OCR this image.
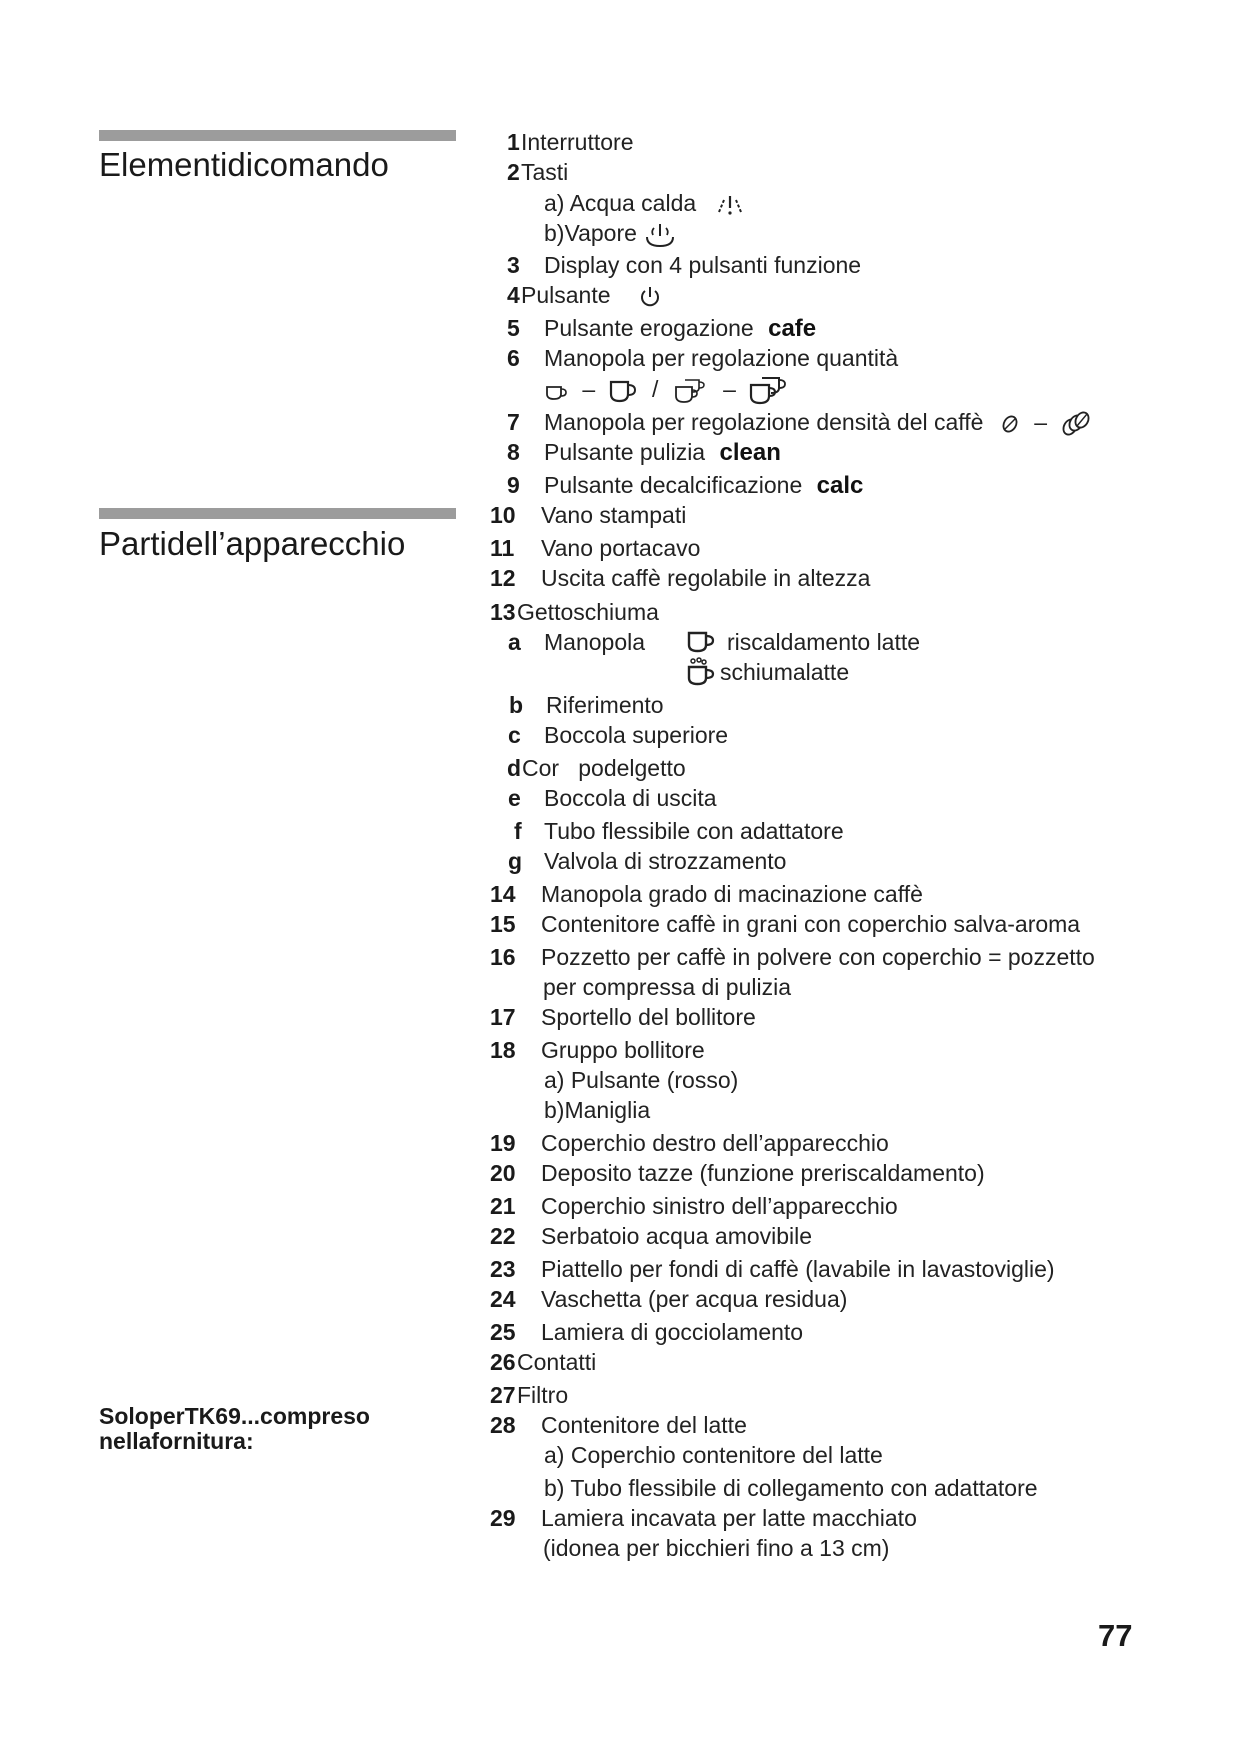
Elementidicomando
Partidell’apparecchio
SoloperTK69...compreso
nellafornitura:
1 Interruttore
2 Tasti
a) Acqua calda
b)Vapore
3 Display con 4 pulsanti funzione
4 Pulsante
5 Pulsante erogazione cafe
6 Manopola per regolazione quantità
– /	–
7 Manopola per regolazione densità del caffè –
8 Pulsante pulizia clean
9 Pulsante decalcificazione calc
10 Vano stampati
11 Vano portacavo
12 Uscita caffè regolabile in altezza
13 Gettoschiuma
a Manopola	riscaldamento latte
schiumalatte
b Riferimento
c Boccola superiore
d Cor   podelgetto
e Boccola di uscita
f Tubo flessibile con adattatore
g Valvola di strozzamento
14 Manopola grado di macinazione caffè
15 Contenitore caffè in grani con coperchio salva-aroma
16 Pozzetto per caffè in polvere con coperchio = pozzetto
per compressa di pulizia
17 Sportello del bollitore
18 Gruppo bollitore
a) Pulsante (rosso)
b)Maniglia
19 Coperchio destro dell’apparecchio
20 Deposito tazze (funzione preriscaldamento)
21 Coperchio sinistro dell’apparecchio
22 Serbatoio acqua amovibile
23 Piattello per fondi di caffè (lavabile in lavastoviglie)
24 Vaschetta (per acqua residua)
25 Lamiera di gocciolamento
26 Contatti
27 Filtro
28 Contenitore del latte
a) Coperchio contenitore del latte
b) Tubo flessibile di collegamento con adattatore
29 Lamiera incavata per latte macchiato
(idonea per bicchieri fino a 13 cm)
77
